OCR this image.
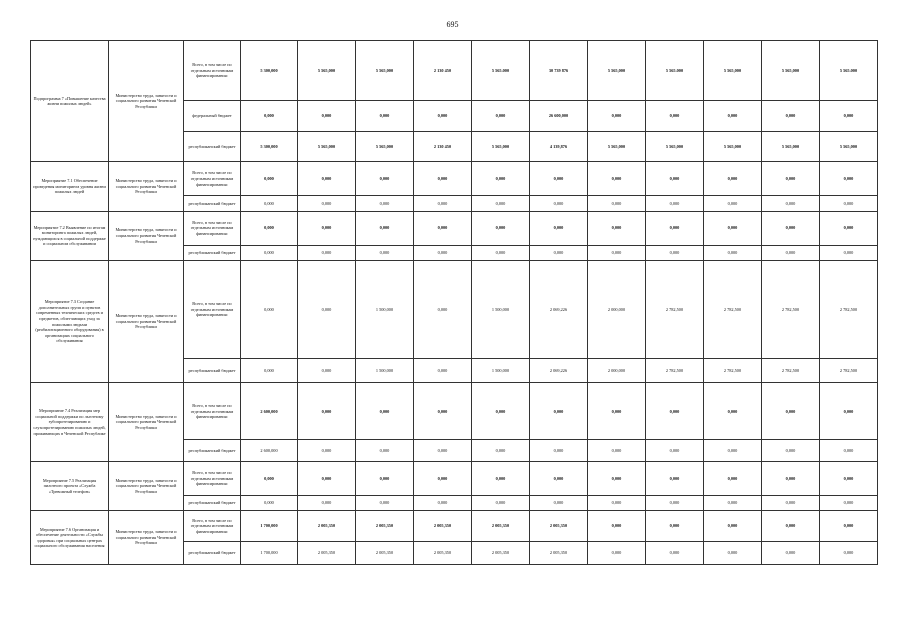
695
Подпрограмма 7 «Повышение качества жизни пожилых людей»	Министерство труда, занятости и социального развития Чеченской Республики	Всего, в том числе по отдельным источникам финансирования:	5 300,000	5 565,000	5 565,000	2 130 450	5 565.000	30 739 876	5 565,000	5 565.000	5 565,000	5 565,000	5 565.000
		федеральный бюджет	0,000	0,000	0,000	0,000	0,000	26 600,000	0,000	0,000	0,000	0,000	0,000
		республиканский бюджет	5 300,000	5 565,000	5 565,000	2 130 450	5 565,000	4 139,876	5 565,000	5 565,000	5 565,000	5 565,000	5 565,000
Мероприятие 7.1 Обеспечение проведения мониторинга уровня жизни пожилых людей	Министерство труда, занятости и социального развития Чеченской Республики	Всего, в том числе по отдельным источникам финансирования:	0,000	0,000	0,000	0,000	0,000	0,000	0,000	0,000	0,000	0,000	0,000
		республиканский бюджет	0,000	0,000	0,000	0,000	0,000	0,000	0,000	0,000	0,000	0,000	0,000
Мероприятие 7.2 Выявление по итогам мониторинга пожилых людей, нуждающихся в социальной поддержке и социальном обслуживании	Министерство труда, занятости и социального развития Чеченской Республики	Всего, в том числе по отдельным источникам финансирования:	0,000	0,000	0,000	0,000	0,000	0,000	0,000	0,000	0,000	0,000	0,000
		республиканский бюджет	0,000	0,000	0,000	0,000	0,000	0,000	0,000	0,000	0,000	0,000	0,000
Мероприятие 7.3 Создание дополнительных групп и пунктов современных технических средств и предметов, облегчающих уход за пожилыми людьми (реабилитационного оборудования) в организациях социального обслуживания	Министерство труда, занятости и социального развития Чеченской Республики	Всего, в том числе по отдельным источникам финансирования:	0,000	0,000	1 500,000	0,000	1 500,000	2 069,226	2 000,000	2 782,500	2 782,500	2 782,500	2 782,500
		республиканский бюджет	0,000	0,000	1 500,000	0,000	1 500,000	2 069,226	2 000,000	2 782,500	2 782,500	2 782,500	2 782,500
Мероприятие 7.4 Реализация мер социальной поддержки по льготному зубопротезированию и слухопротезированию пожилых людей, проживающих в Чеченской Республике	Министерство труда, занятости и социального развития Чеченской Республики	Всего, в том числе по отдельным источникам финансирования:	2 600,000	0,000	0,000	0,000	0,000	0,000	0,000	0,000	0,000	0,000	0,000
		республиканский бюджет	2 600,000	0,000	0,000	0,000	0,000	0,000	0,000	0,000	0,000	0,000	0,000
Мероприятие 7.5 Реализация пилотного проекта «Служба «Тревожный телефон»	Министерство труда, занятости и социального развития Чеченской Республики	Всего, в том числе по отдельным источникам финансирования:	0,000	0,000	0,000	0,000	0,000	0,000	0,000	0,000	0,000	0,000	0,000
		республиканский бюджет	0,000	0,000	0,000	0,000	0,000	0,000	0,000	0,000	0,000	0,000	0,000
Мероприятие 7.6 Организация и обеспечение деятельности «Службы здоровья» при социальных центрах социального обслуживания населения	Министерство труда, занятости и социального развития Чеченской Республики	Всего, в том числе по отдельным источникам финансирования:	1 700,000	2 005,350	2 005,350	2 005,350	2 005,350	2 005,350	0,000	0,000	0,000	0,000	0,000
		республиканский бюджет	1 700,000	2 005,350	2 005,350	2 005,350	2 005,350	2 005,350	0,000	0,000	0,000	0,000	0,000
